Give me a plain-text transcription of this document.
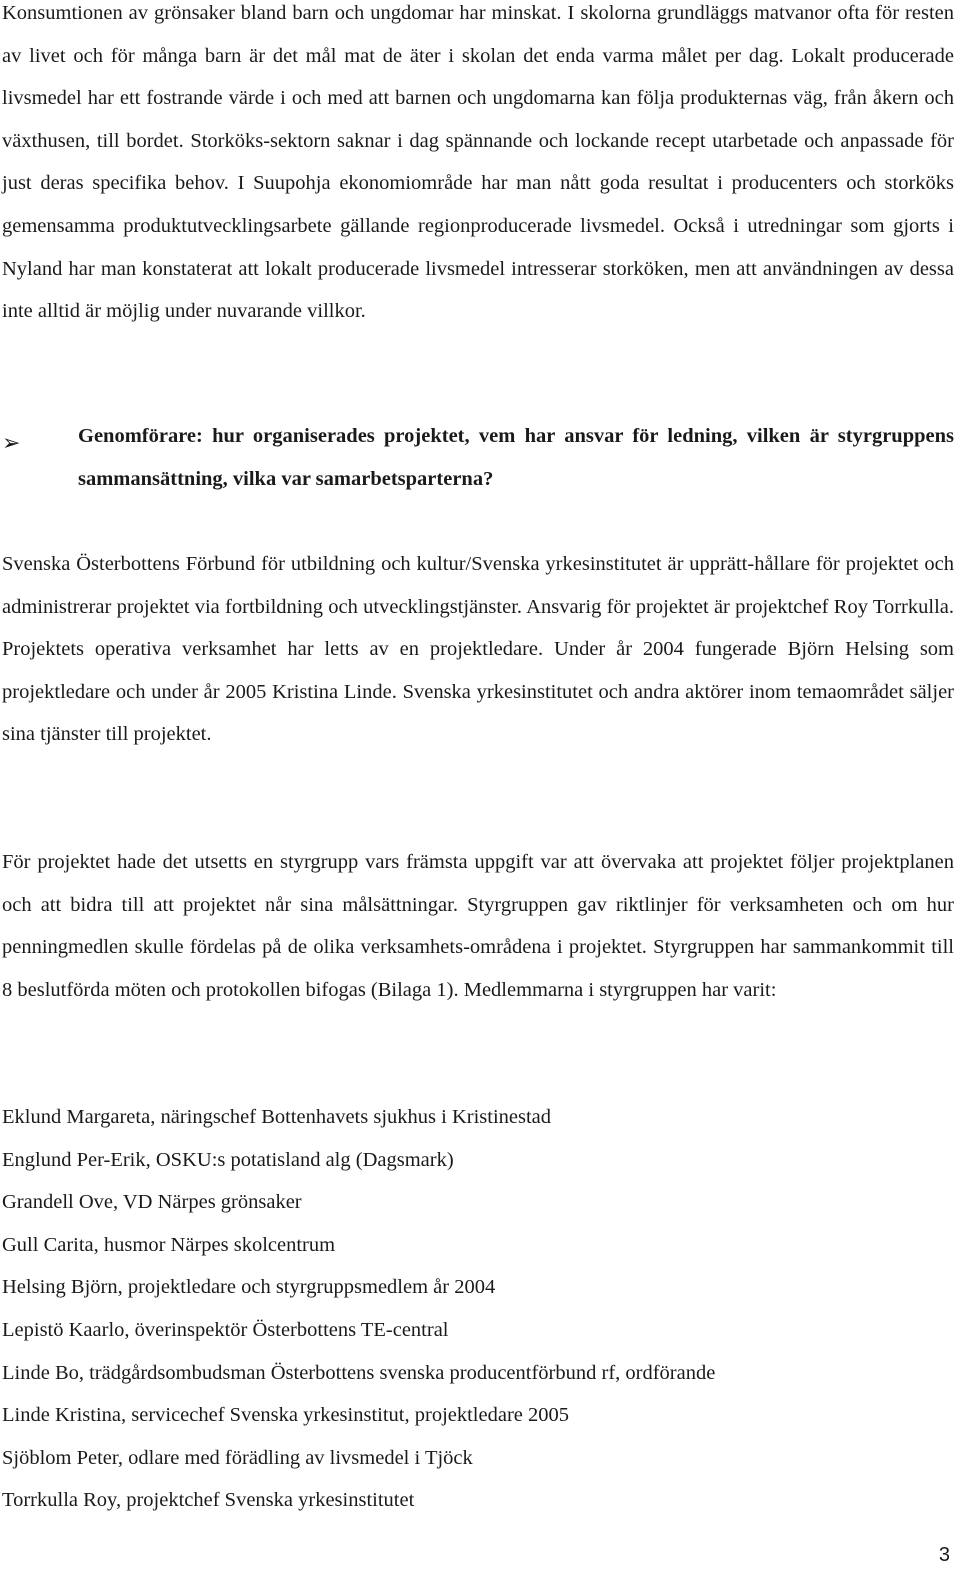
Konsumtionen av grönsaker bland barn och ungdomar har minskat. I skolorna grundläggs matvanor ofta för resten av livet och för många barn är det mål mat de äter i skolan det enda varma målet per dag. Lokalt producerade livsmedel har ett fostrande värde i och med att barnen och ungdomarna kan följa produkternas väg, från åkern och växthusen, till bordet. Storköks-sektorn saknar i dag spännande och lockande recept utarbetade och anpassade för just deras specifika behov. I Suupohja ekonomiområde har man nått goda resultat i producenters och storköks gemensamma produktutvecklingsarbete gällande regionproducerade livsmedel. Också i utredningar som gjorts i Nyland har man konstaterat att lokalt producerade livsmedel intresserar storköken, men att användningen av dessa inte alltid är möjlig under nuvarande villkor.

➢	Genomförare: hur organiserades projektet, vem har ansvar för ledning, vilken är styrgruppens sammansättning, vilka var samarbetsparterna?

Svenska Österbottens Förbund för utbildning och kultur/Svenska yrkesinstitutet är upprätt-hållare för projektet och administrerar projektet via fortbildning och utvecklingstjänster. Ansvarig för projektet är projektchef Roy Torrkulla. Projektets operativa verksamhet har letts av en projektledare. Under år 2004 fungerade Björn Helsing som projektledare och under år 2005 Kristina Linde. Svenska yrkesinstitutet och andra aktörer inom temaområdet säljer sina tjänster till projektet.

För projektet hade det utsetts en styrgrupp vars främsta uppgift var att övervaka att projektet följer projektplanen och att bidra till att projektet når sina målsättningar. Styrgruppen gav riktlinjer för verksamheten och om hur penningmedlen skulle fördelas på de olika verksamhets-områdena i projektet. Styrgruppen har sammankommit till 8 beslutförda möten och protokollen bifogas (Bilaga 1). Medlemmarna i styrgruppen har varit:

Eklund Margareta, näringschef Bottenhavets sjukhus i Kristinestad
Englund Per-Erik, OSKU:s potatisland alg (Dagsmark)
Grandell Ove, VD Närpes grönsaker
Gull Carita, husmor Närpes skolcentrum
Helsing Björn, projektledare och styrgruppsmedlem år 2004
Lepistö Kaarlo, överinspektör Österbottens TE-central
Linde Bo, trädgårdsombudsman Österbottens svenska producentförbund rf, ordförande
Linde Kristina, servicechef Svenska yrkesinstitut, projektledare 2005
Sjöblom Peter, odlare med förädling av livsmedel i Tjöck
Torrkulla Roy, projektchef Svenska yrkesinstitutet
3
